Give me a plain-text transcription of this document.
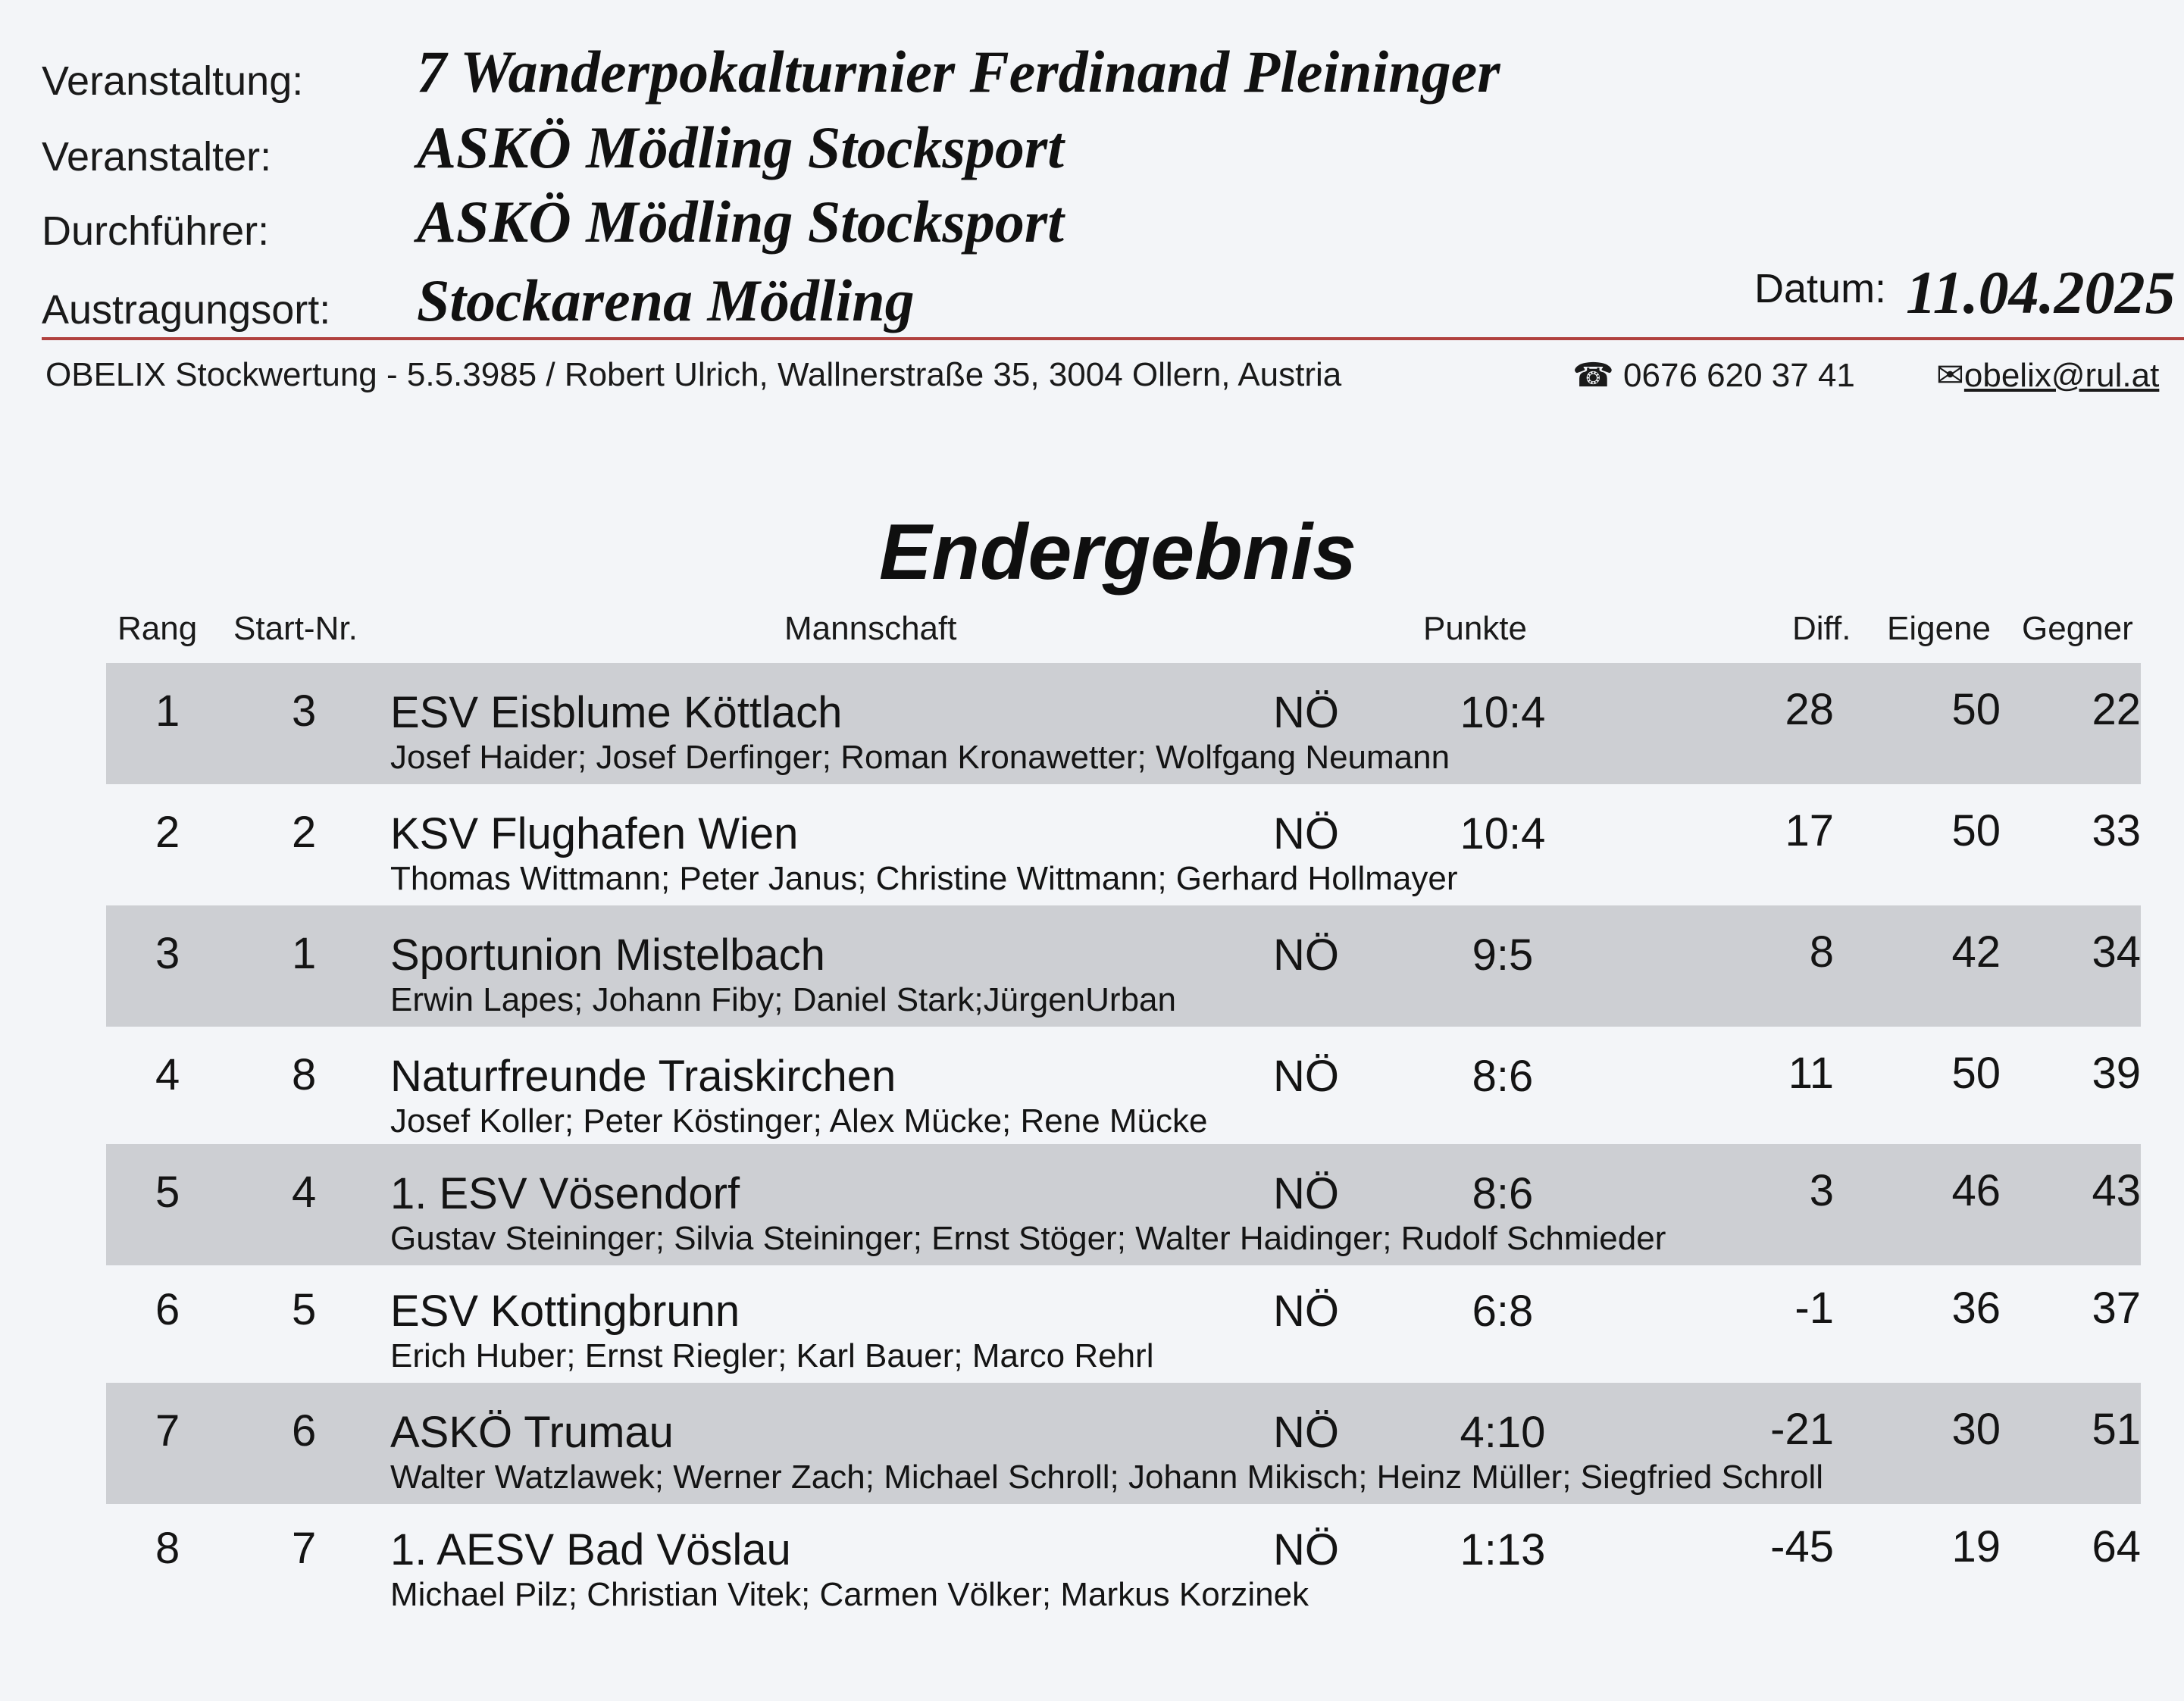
Veranstaltung: 7 Wanderpokalturnier Ferdinand Pleininger
Veranstalter: ASKÖ Mödling Stocksport
Durchführer: ASKÖ Mödling Stocksport
Austragungsort: Stockarena Mödling	Datum: 11.04.2025
OBELIX Stockwertung - 5.5.3985 / Robert Ulrich, Wallnerstraße 35, 3004 Ollern, Austria	☎ 0676 620 37 41 ✉obelix@rul.at
Endergebnis
Rang Start-Nr.	Mannschaft	Punkte	Diff. Eigene Gegner
1	3 ESV Eisblume Köttlach	NÖ	10:4	28	50	22
Josef Haider; Josef Derfinger; Roman Kronawetter; Wolfgang Neumann
2	2 KSV Flughafen Wien	NÖ	10:4	17	50	33
Thomas Wittmann; Peter Janus; Christine Wittmann; Gerhard Hollmayer
3	1 Sportunion Mistelbach	NÖ	9:5	8	42	34
Erwin Lapes; Johann Fiby; Daniel Stark;JürgenUrban
4	8 Naturfreunde Traiskirchen	NÖ	8:6	11	50	39
Josef Koller; Peter Köstinger; Alex Mücke; Rene Mücke
5	4 1. ESV Vösendorf	NÖ	8:6	3	46	43
Gustav Steininger; Silvia Steininger; Ernst Stöger; Walter Haidinger; Rudolf Schmieder
6	5 ESV Kottingbrunn	NÖ	6:8	-1	36	37
Erich Huber; Ernst Riegler; Karl Bauer; Marco Rehrl
7	6 ASKÖ Trumau	NÖ	4:10	-21	30	51
Walter Watzlawek; Werner Zach; Michael Schroll; Johann Mikisch; Heinz Müller; Siegfried Schroll
8	7 1. AESV Bad Vöslau	NÖ	1:13	-45	19	64
Michael Pilz; Christian Vitek; Carmen Völker; Markus Korzinek
